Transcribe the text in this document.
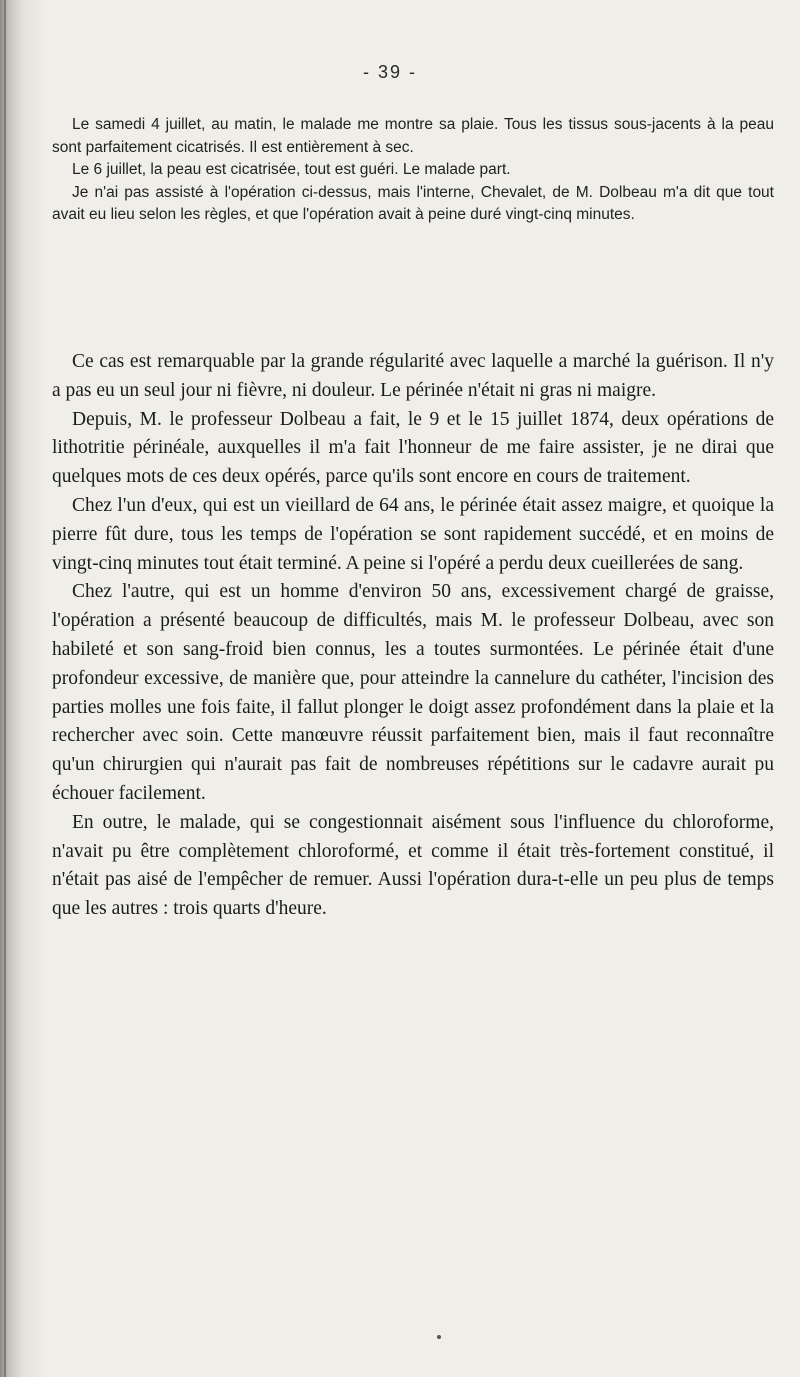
- 39 -

Le samedi 4 juillet, au matin, le malade me montre sa plaie. Tous les tissus sous-jacents à la peau sont parfaitement cicatrisés. Il est entièrement à sec.

Le 6 juillet, la peau est cicatrisée, tout est guéri. Le malade part.

Je n'ai pas assisté à l'opération ci-dessus, mais l'interne, Chevalet, de M. Dolbeau m'a dit que tout avait eu lieu selon les règles, et que l'opération avait à peine duré vingt-cinq minutes.

Ce cas est remarquable par la grande régularité avec laquelle a marché la guérison. Il n'y a pas eu un seul jour ni fièvre, ni douleur. Le périnée n'était ni gras ni maigre.

Depuis, M. le professeur Dolbeau a fait, le 9 et le 15 juillet 1874, deux opérations de lithotritie périnéale, auxquelles il m'a fait l'honneur de me faire assister, je ne dirai que quelques mots de ces deux opérés, parce qu'ils sont encore en cours de traitement.

Chez l'un d'eux, qui est un vieillard de 64 ans, le périnée était assez maigre, et quoique la pierre fût dure, tous les temps de l'opération se sont rapidement succédé, et en moins de vingt-cinq minutes tout était terminé. A peine si l'opéré a perdu deux cueillerées de sang.

Chez l'autre, qui est un homme d'environ 50 ans, excessivement chargé de graisse, l'opération a présenté beaucoup de difficultés, mais M. le professeur Dolbeau, avec son habileté et son sang-froid bien connus, les a toutes surmontées. Le périnée était d'une profondeur excessive, de manière que, pour atteindre la cannelure du cathéter, l'incision des parties molles une fois faite, il fallut plonger le doigt assez profondément dans la plaie et la rechercher avec soin. Cette manœuvre réussit parfaitement bien, mais il faut reconnaître qu'un chirurgien qui n'aurait pas fait de nombreuses répétitions sur le cadavre aurait pu échouer facilement.

En outre, le malade, qui se congestionnait aisément sous l'influence du chloroforme, n'avait pu être complètement chloroformé, et comme il était très-fortement constitué, il n'était pas aisé de l'empêcher de remuer. Aussi l'opération dura-t-elle un peu plus de temps que les autres : trois quarts d'heure.
